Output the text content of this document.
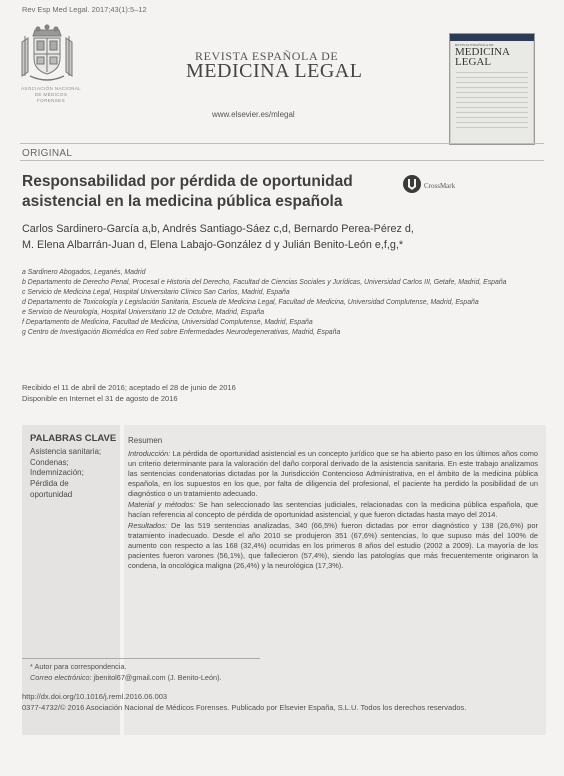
Rev Esp Med Legal. 2017;43(1):5–12
ASOCIACIÓN NACIONAL DE MÉDICOS FORENSES
REVISTA ESPAÑOLA DE
MEDICINA LEGAL
www.elsevier.es/mlegal
REVISTA ESPAÑOLA DE
MEDICINA LEGAL
ORIGINAL
Responsabilidad por pérdida de oportunidad asistencial en la medicina pública española
CrossMark
Carlos Sardinero-García a,b, Andrés Santiago-Sáez c,d, Bernardo Perea-Pérez d,
M. Elena Albarrán-Juan d, Elena Labajo-González d y Julián Benito-León e,f,g,*

a Sardinero Abogados, Leganés, Madrid

b Departamento de Derecho Penal, Procesal e Historia del Derecho, Facultad de Ciencias Sociales y Jurídicas, Universidad Carlos III, Getafe, Madrid, España

c Servicio de Medicina Legal, Hospital Universitario Clínico San Carlos, Madrid, España

d Departamento de Toxicología y Legislación Sanitaria, Escuela de Medicina Legal, Facultad de Medicina, Universidad Complutense, Madrid, España

e Servicio de Neurología, Hospital Universitario 12 de Octubre, Madrid, España

f Departamento de Medicina, Facultad de Medicina, Universidad Complutense, Madrid, España

g Centro de Investigación Biomédica en Red sobre Enfermedades Neurodegenerativas, Madrid, España

Recibido el 11 de abril de 2016; aceptado el 28 de junio de 2016
Disponible en Internet el 31 de agosto de 2016
PALABRAS CLAVE
Asistencia sanitaria;
Condenas;
Indemnización;
Pérdida de
oportunidad
Resumen

Introducción: La pérdida de oportunidad asistencial es un concepto jurídico que se ha abierto paso en los últimos años como un criterio determinante para la valoración del daño corporal derivado de la asistencia sanitaria. En este trabajo analizamos las sentencias condenatorias dictadas por la Jurisdicción Contencioso Administrativa, en el ámbito de la medicina pública española, en los supuestos en los que, por falta de diligencia del profesional, el paciente ha perdido la posibilidad de un diagnóstico o un tratamiento adecuado.

Material y métodos: Se han seleccionado las sentencias judiciales, relacionadas con la medicina pública española, que hacían referencia al concepto de pérdida de oportunidad asistencial, y que fueron dictadas hasta mayo del 2014.

Resultados: De las 519 sentencias analizadas, 340 (66,5%) fueron dictadas por error diagnóstico y 138 (26,6%) por tratamiento inadecuado. Desde el año 2010 se produjeron 351 (67,6%) sentencias, lo que supuso más del 100% de aumento con respecto a las 168 (32,4%) ocurridas en los primeros 8 años del estudio (2002 a 2009). La mayoría de los pacientes fueron varones (56,1%), que fallecieron (57,4%), siendo las patologías que más frecuentemente originaron la condena, la oncológica maligna (26,4%) y la neurológica (17,3%).

* Autor para correspondencia.
Correo electrónico: jbenitol67@gmail.com (J. Benito-León).
http://dx.doi.org/10.1016/j.reml.2016.06.003
0377-4732/© 2016 Asociación Nacional de Médicos Forenses. Publicado por Elsevier España, S.L.U. Todos los derechos reservados.
